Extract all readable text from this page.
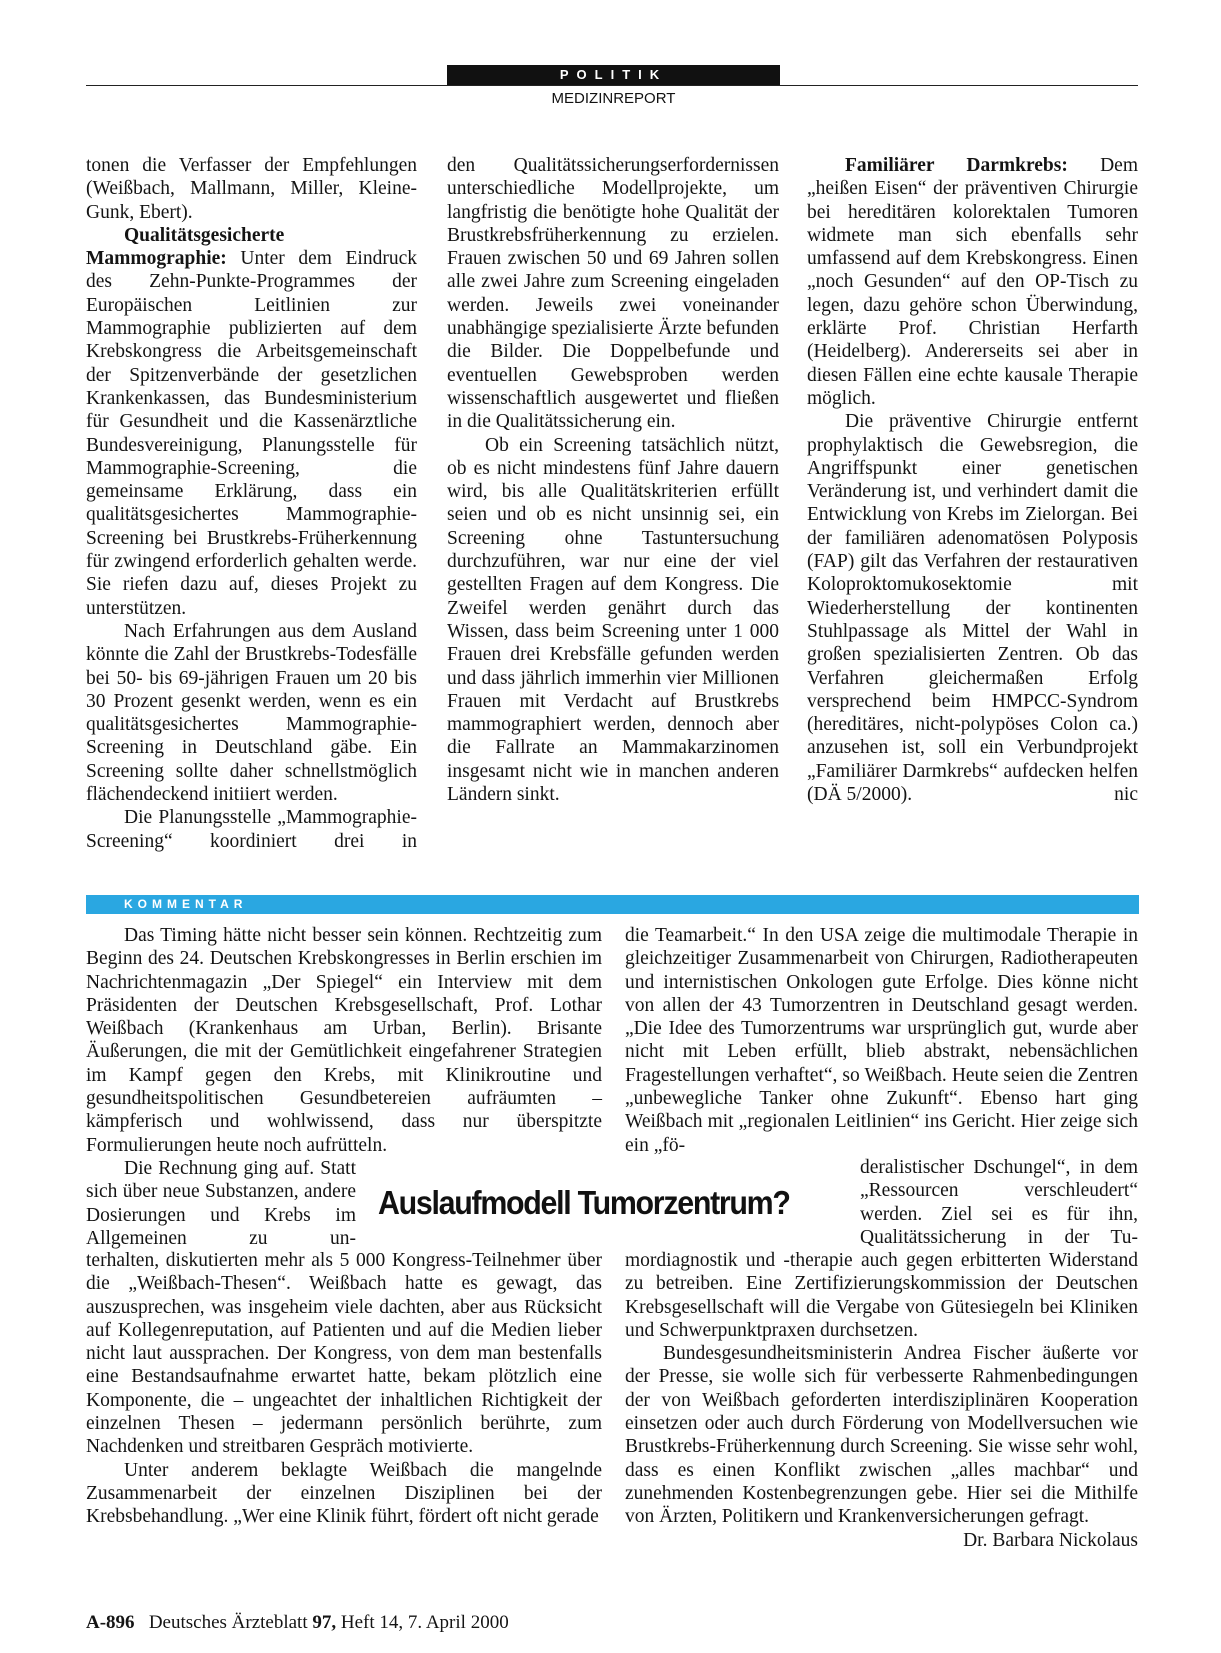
POLITIK
MEDIZINREPORT

tonen die Verfasser der Empfehlungen (Weißbach, Mallmann, Miller, Kleine-Gunk, Ebert).

Qualitätsgesicherte Mammographie: Unter dem Eindruck des Zehn-Punkte-Programmes der Europäischen Leitlinien zur Mammographie publizierten auf dem Krebskongress die Arbeitsgemeinschaft der Spitzenverbände der gesetzlichen Krankenkassen, das Bundesministerium für Gesundheit und die Kassenärztliche Bundesvereinigung, Planungsstelle für Mammographie-Screening, die gemeinsame Erklärung, dass ein qualitätsgesichertes Mammographie-Screening bei Brustkrebs-Früherkennung für zwingend erforderlich gehalten werde. Sie riefen dazu auf, dieses Projekt zu unterstützen.

Nach Erfahrungen aus dem Ausland könnte die Zahl der Brustkrebs-Todesfälle bei 50- bis 69-jährigen Frauen um 20 bis 30 Prozent gesenkt werden, wenn es ein qualitätsgesichertes Mammographie-Screening in Deutschland gäbe. Ein Screening sollte daher schnellstmöglich flächendeckend initiiert werden.

Die Planungsstelle „Mammographie-Screening“ koordiniert drei in

den Qualitätssicherungserfordernissen unterschiedliche Modellprojekte, um langfristig die benötigte hohe Qualität der Brustkrebsfrüherkennung zu erzielen. Frauen zwischen 50 und 69 Jahren sollen alle zwei Jahre zum Screening eingeladen werden. Jeweils zwei voneinander unabhängige spezialisierte Ärzte befunden die Bilder. Die Doppelbefunde und eventuellen Gewebsproben werden wissenschaftlich ausgewertet und fließen in die Qualitätssicherung ein.

Ob ein Screening tatsächlich nützt, ob es nicht mindestens fünf Jahre dauern wird, bis alle Qualitätskriterien erfüllt seien und ob es nicht unsinnig sei, ein Screening ohne Tastuntersuchung durchzuführen, war nur eine der viel gestellten Fragen auf dem Kongress. Die Zweifel werden genährt durch das Wissen, dass beim Screening unter 1 000 Frauen drei Krebsfälle gefunden werden und dass jährlich immerhin vier Millionen Frauen mit Verdacht auf Brustkrebs mammographiert werden, dennoch aber die Fallrate an Mammakarzinomen insgesamt nicht wie in manchen anderen Ländern sinkt.

Familiärer Darmkrebs: Dem „heißen Eisen“ der präventiven Chirurgie bei hereditären kolorektalen Tumoren widmete man sich ebenfalls sehr umfassend auf dem Krebskongress. Einen „noch Gesunden“ auf den OP-Tisch zu legen, dazu gehöre schon Überwindung, erklärte Prof. Christian Herfarth (Heidelberg). Andererseits sei aber in diesen Fällen eine echte kausale Therapie möglich.

Die präventive Chirurgie entfernt prophylaktisch die Gewebsregion, die Angriffspunkt einer genetischen Veränderung ist, und verhindert damit die Entwicklung von Krebs im Zielorgan. Bei der familiären adenomatösen Polyposis (FAP) gilt das Verfahren der restaurativen Koloproktomukosektomie mit Wiederherstellung der kontinenten Stuhlpassage als Mittel der Wahl in großen spezialisierten Zentren. Ob das Verfahren gleichermaßen Erfolg versprechend beim HMPCC-Syndrom (hereditäres, nicht-polypöses Colon ca.) anzusehen ist, soll ein Verbundprojekt „Familiärer Darmkrebs“ aufdecken helfen (DÄ 5/2000).	nic

KOMMENTAR

Das Timing hätte nicht besser sein können. Rechtzeitig zum Beginn des 24. Deutschen Krebskongresses in Berlin erschien im Nachrichtenmagazin „Der Spiegel“ ein Interview mit dem Präsidenten der Deutschen Krebsgesellschaft, Prof. Lothar Weißbach (Krankenhaus am Urban, Berlin). Brisante Äußerungen, die mit der Gemütlichkeit eingefahrener Strategien im Kampf gegen den Krebs, mit Klinikroutine und gesundheitspolitischen Gesundbetereien aufräumten – kämpferisch und wohlwissend, dass nur überspitzte Formulierungen heute noch aufrütteln.

Die Rechnung ging auf. Statt sich über neue Substanzen, andere Dosierungen und Krebs im Allgemeinen zu un-

terhalten, diskutierten mehr als 5 000 Kongress-Teilnehmer über die „Weißbach-Thesen“. Weißbach hatte es gewagt, das auszusprechen, was insgeheim viele dachten, aber aus Rücksicht auf Kollegenreputation, auf Patienten und auf die Medien lieber nicht laut aussprachen. Der Kongress, von dem man bestenfalls eine Bestandsaufnahme erwartet hatte, bekam plötzlich eine Komponente, die – ungeachtet der inhaltlichen Richtigkeit der einzelnen Thesen – jedermann persönlich berührte, zum Nachdenken und streitbaren Gespräch motivierte.

Unter anderem beklagte Weißbach die mangelnde Zusammenarbeit der einzelnen Disziplinen bei der Krebsbehandlung. „Wer eine Klinik führt, fördert oft nicht gerade

die Teamarbeit.“ In den USA zeige die multimodale Therapie in gleichzeitiger Zusammenarbeit von Chirurgen, Radiotherapeuten und internistischen Onkologen gute Erfolge. Dies könne nicht von allen der 43 Tumorzentren in Deutschland gesagt werden. „Die Idee des Tumorzentrums war ursprünglich gut, wurde aber nicht mit Leben erfüllt, blieb abstrakt, nebensächlichen Fragestellungen verhaftet“, so Weißbach. Heute seien die Zentren „unbewegliche Tanker ohne Zukunft“. Ebenso hart ging Weißbach mit „regionalen Leitlinien“ ins Gericht. Hier zeige sich ein „fö-

deralistischer Dschungel“, in dem „Ressourcen verschleudert“ werden. Ziel sei es für ihn, Qualitätssicherung in der Tu-

mordiagnostik und -therapie auch gegen erbitterten Widerstand zu betreiben. Eine Zertifizierungskommission der Deutschen Krebsgesellschaft will die Vergabe von Gütesiegeln bei Kliniken und Schwerpunktpraxen durchsetzen.

Bundesgesundheitsministerin Andrea Fischer äußerte vor der Presse, sie wolle sich für verbesserte Rahmenbedingungen der von Weißbach geforderten interdisziplinären Kooperation einsetzen oder auch durch Förderung von Modellversuchen wie Brustkrebs-Früherkennung durch Screening. Sie wisse sehr wohl, dass es einen Konflikt zwischen „alles machbar“ und zunehmenden Kostenbegrenzungen gebe. Hier sei die Mithilfe von Ärzten, Politikern und Krankenversicherungen gefragt.
Dr. Barbara Nickolaus

Auslaufmodell Tumorzentrum?
A-896 Deutsches Ärzteblatt 97, Heft 14, 7. April 2000
